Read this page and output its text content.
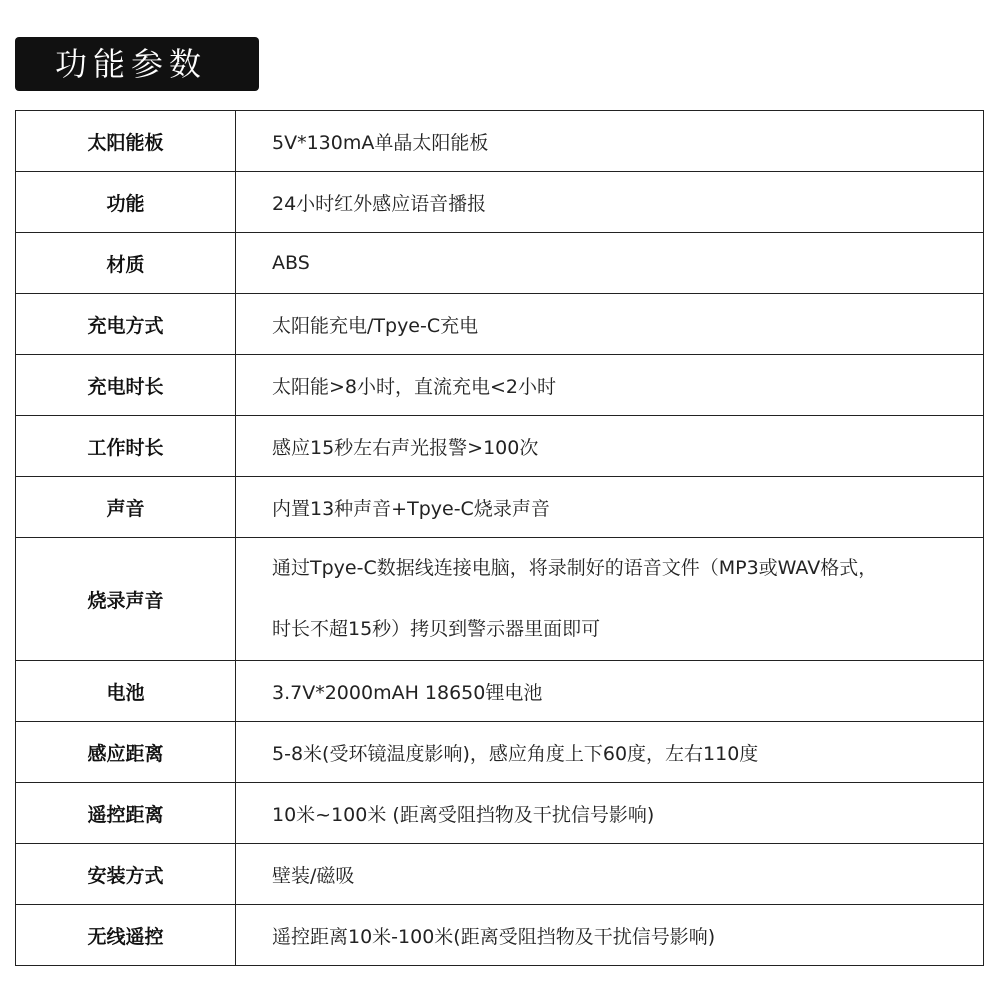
功能参数
太阳能板	5V*130mA单晶太阳能板
功能	24小时红外感应语音播报
材质	ABS
充电方式	太阳能充电/Tpye-C充电
充电时长	太阳能>8小时，直流充电<2小时
工作时长	感应15秒左右声光报警>100次
声音	内置13种声音+Tpye-C烧录声音
烧录声音	通过Tpye-C数据线连接电脑，将录制好的语音文件（MP3或WAV格式，
时长不超15秒）拷贝到警示器里面即可

电池	3.7V*2000mAH 18650锂电池
感应距离	5-8米(受环镜温度影响)，感应角度上下60度，左右110度
遥控距离	10米~100米 (距离受阻挡物及干扰信号影响)
安装方式	壁装/磁吸
无线遥控	遥控距离10米-100米(距离受阻挡物及干扰信号影响)
